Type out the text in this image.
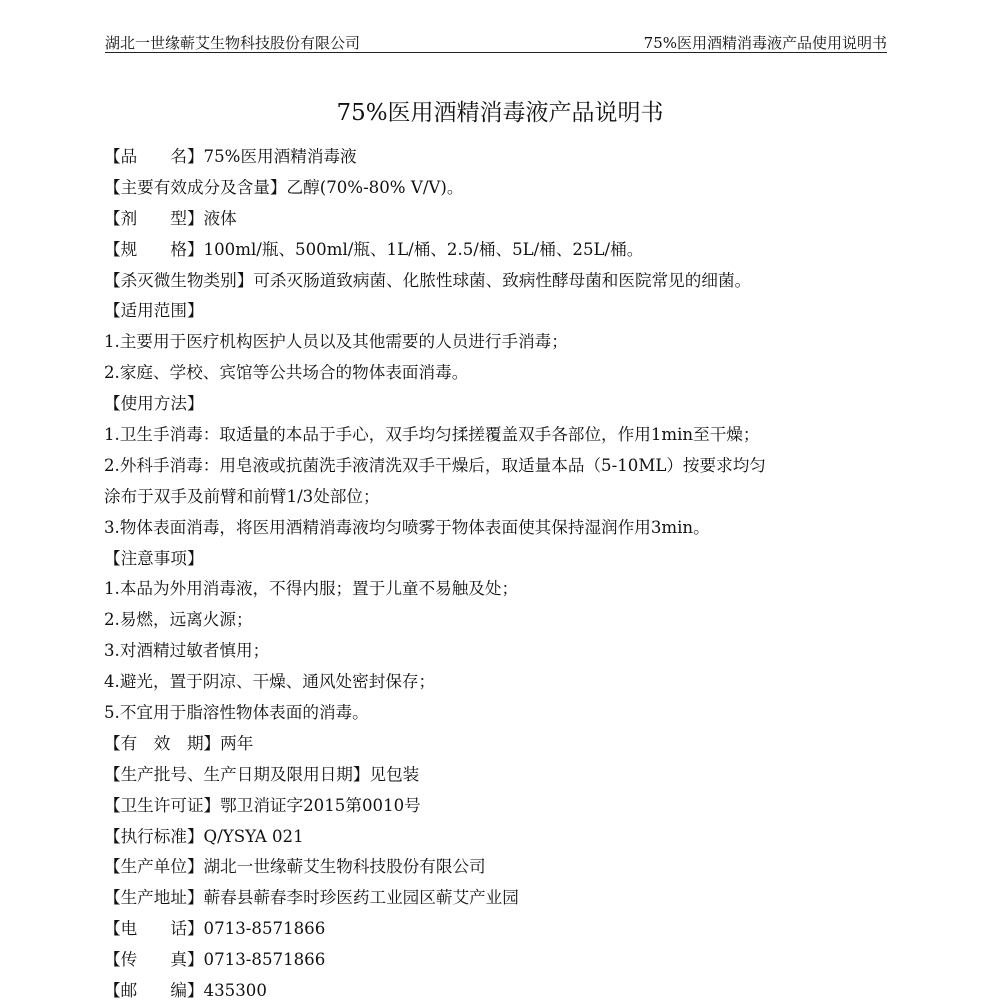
湖北一世缘蕲艾生物科技股份有限公司	75%医用酒精消毒液产品使用说明书
75%医用酒精消毒液产品说明书
【品　　名】75%医用酒精消毒液
【主要有效成分及含量】乙醇(70%-80% V/V)。
【剂　　型】液体
【规　　格】100ml/瓶、500ml/瓶、1L/桶、2.5/桶、5L/桶、25L/桶。
【杀灭微生物类别】可杀灭肠道致病菌、化脓性球菌、致病性酵母菌和医院常见的细菌。
【适用范围】
1.主要用于医疗机构医护人员以及其他需要的人员进行手消毒；
2.家庭、学校、宾馆等公共场合的物体表面消毒。
【使用方法】
1.卫生手消毒：取适量的本品于手心，双手均匀揉搓覆盖双手各部位，作用1min至干燥；
2.外科手消毒：用皂液或抗菌洗手液清洗双手干燥后，取适量本品（5-10ML）按要求均匀
涂布于双手及前臂和前臂1/3处部位；
3.物体表面消毒，将医用酒精消毒液均匀喷雾于物体表面使其保持湿润作用3min。
【注意事项】
1.本品为外用消毒液，不得内服；置于儿童不易触及处；
2.易燃，远离火源；
3.对酒精过敏者慎用；
4.避光，置于阴凉、干燥、通风处密封保存；
5.不宜用于脂溶性物体表面的消毒。
【有　效　期】两年
【生产批号、生产日期及限用日期】见包装
【卫生许可证】鄂卫消证字2015第0010号
【执行标准】Q/YSYA 021
【生产单位】湖北一世缘蕲艾生物科技股份有限公司
【生产地址】蕲春县蕲春李时珍医药工业园区蕲艾产业园
【电　　话】0713-8571866
【传　　真】0713-8571866
【邮　　编】435300
